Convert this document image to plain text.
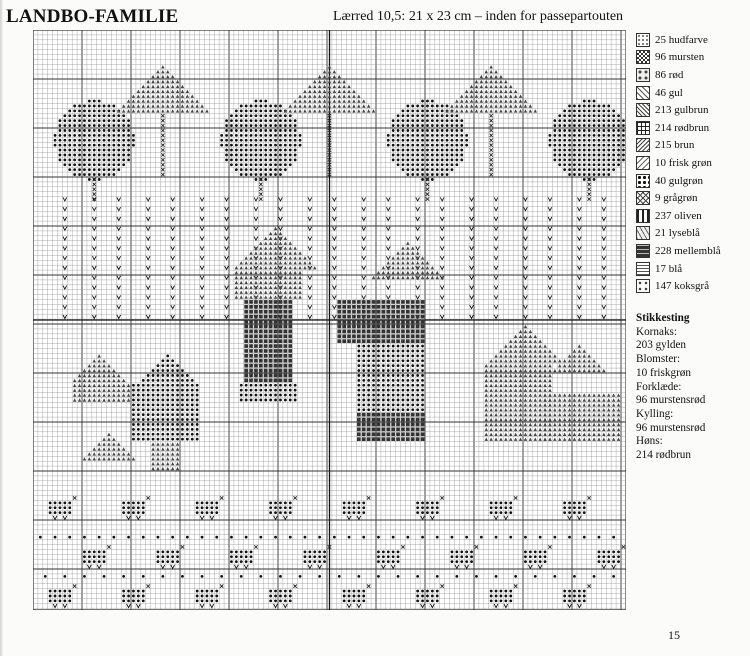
LANDBO-FAMILIE	Lærred 10,5: 21 x 23 cm – inden for passepartouten
25 hudfarve
96 mursten
86 rød
46 gul
213 gulbrun
214 rødbrun
215 brun
10 frisk grøn
40 gulgrøn
9 grågrøn
237 oliven
21 lyseblå
228 mellemblå
17 blå
147 koksgrå
Stikkesting
Kornaks:
203 gylden
Blomster:
10 friskgrøn
Forklæde:
96 murstensrød
Kylling:
96 murstensrød
Høns:
214 rødbrun
15
